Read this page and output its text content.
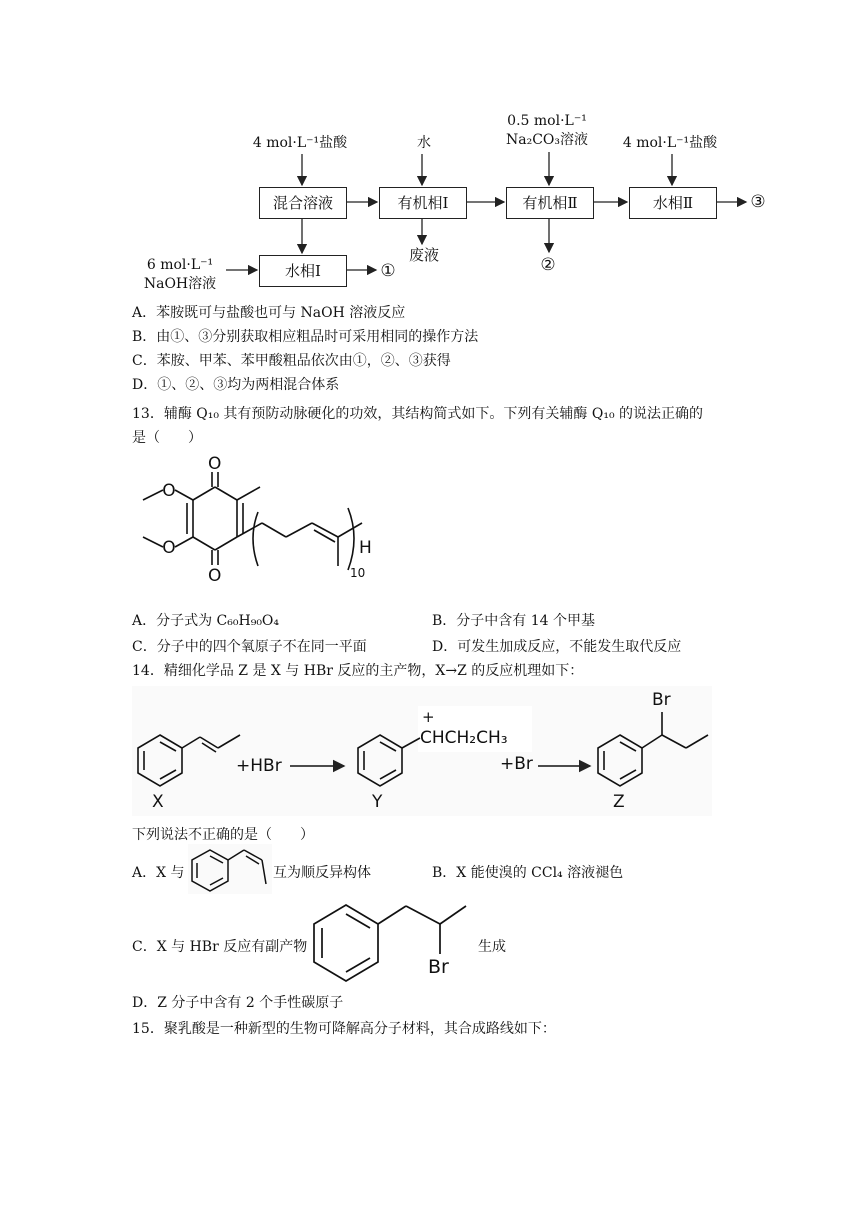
4 mol·L⁻¹盐酸	水
0.5 mol·L⁻¹
Na₂CO₃溶液	4 mol·L⁻¹盐酸
6 mol·L⁻¹
NaOH溶液
混合溶液	有机相Ⅰ	有机相Ⅱ	水相Ⅱ
水相Ⅰ
废液
①	②
③
A．苯胺既可与盐酸也可与 NaOH 溶液反应
B．由①、③分别获取相应粗品时可采用相同的操作方法
C．苯胺、甲苯、苯甲酸粗品依次由①，②、③获得
D．①、②、③均为两相混合体系
13．辅酶 Q₁₀ 其有预防动脉硬化的功效，其结构简式如下。下列有关辅酶 Q₁₀ 的说法正确的
是（　　）
O
O
O
O
H
10
A．分子式为 C₆₀H₉₀O₄	B．分子中含有 14 个甲基
C．分子中的四个氧原子不在同一平面	D．可发生加成反应，不能发生取代反应
14．精细化学品 Z 是 X 与 HBr 反应的主产物，X→Z 的反应机理如下：
X	Y	Z
+HBr	+Br
CHCH₂CH₃
+
Br
下列说法不正确的是（　　）
A．X 与	互为顺反异构体	B．X 能使溴的 CCl₄ 溶液褪色
C．X 与 HBr 反应有副产物
Br
生成
D．Z 分子中含有 2 个手性碳原子
15．聚乳酸是一种新型的生物可降解高分子材料，其合成路线如下：
